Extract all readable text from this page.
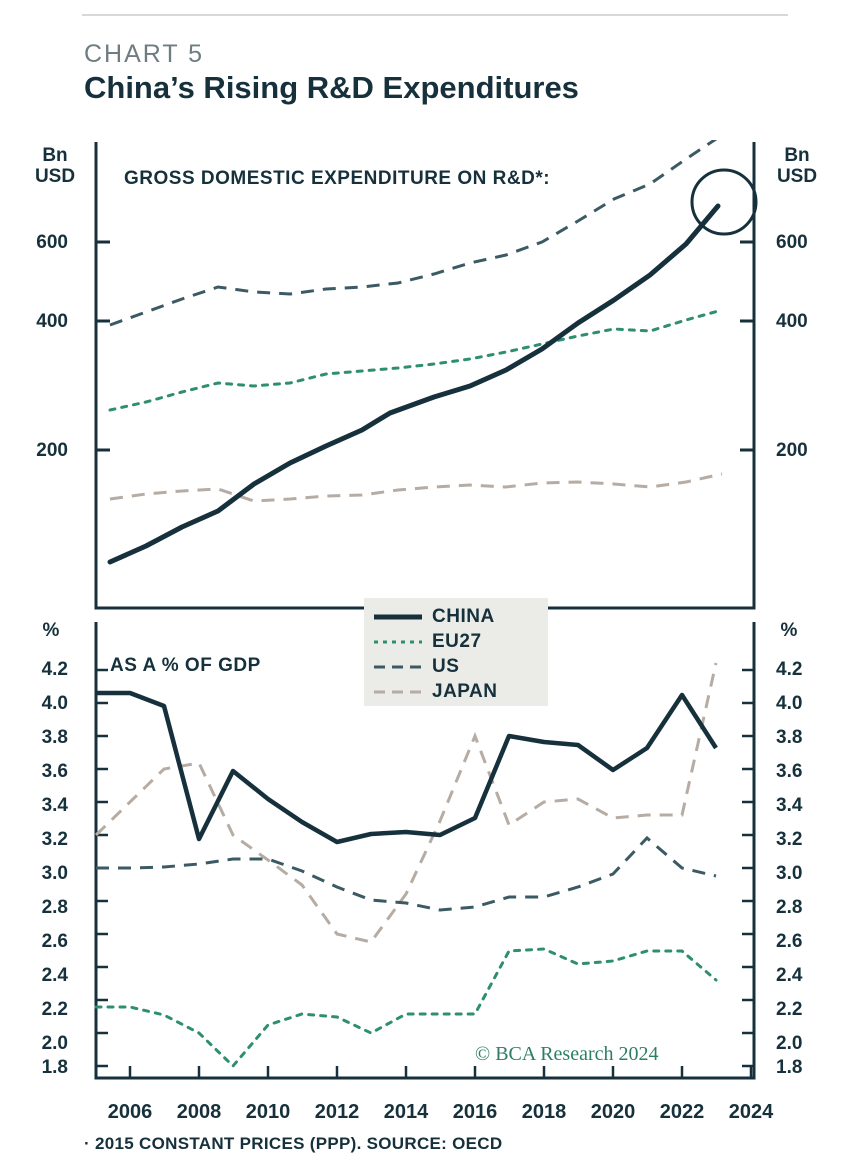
CHART 5
China’s Rising R&D Expenditures
Bn
USD
Bn
USD
GROSS DOMESTIC EXPENDITURE ON R&D*:
600
400
200
600
400
200
CHINA
EU27
US
JAPAN
%	%
AS A % OF GDP
4.2
4.0
3.8
3.6
3.4
3.2
3.0
2.8
2.6
2.4
2.2
2.0
1.8
4.2
4.0
3.8
3.6
3.4
3.2
3.0
2.8
2.6
2.4
2.2
2.0
1.8
© BCA Research 2024
2006	2008	2010	2012	2014	2016	2018	2020	2022	2024
· 2015 CONSTANT PRICES (PPP). SOURCE: OECD
